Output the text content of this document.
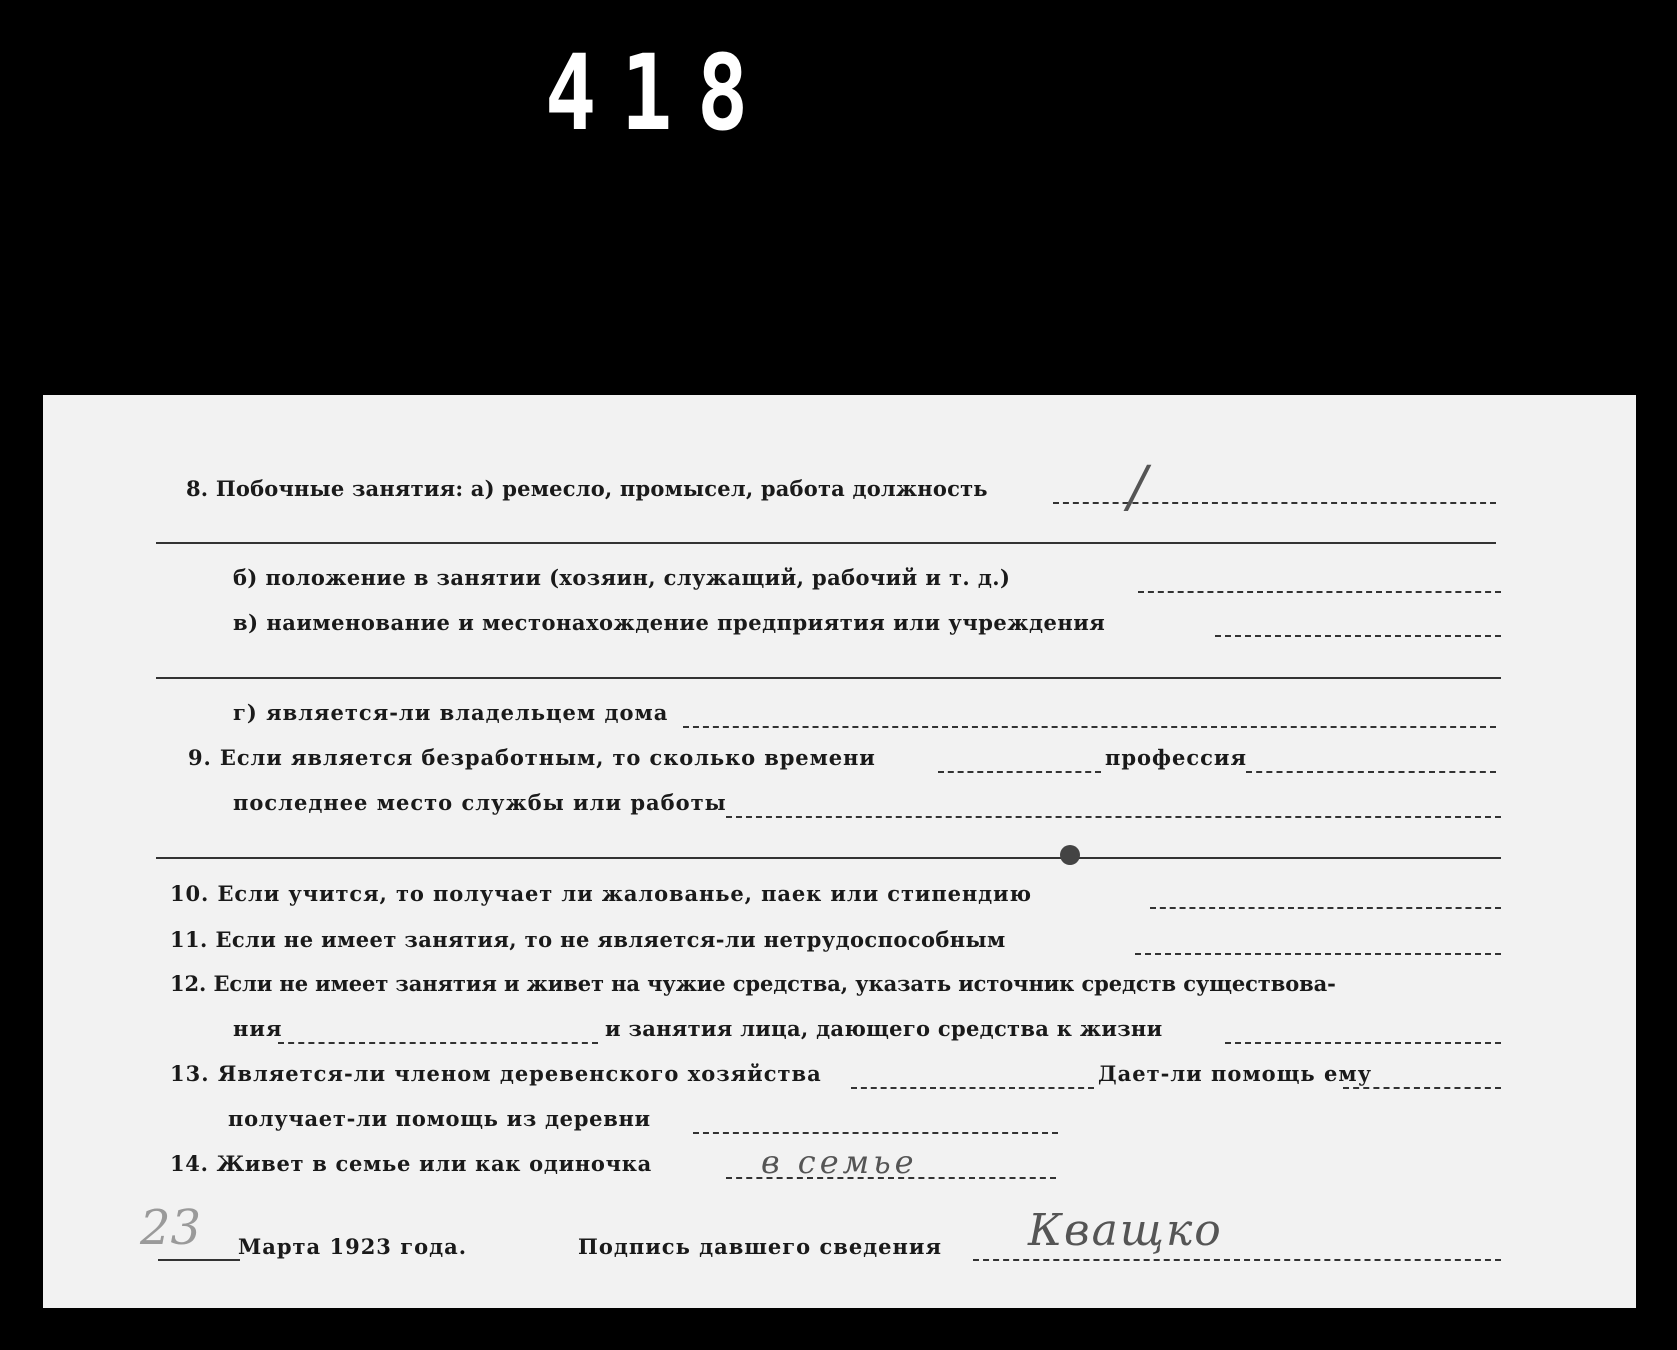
418
8. Побочные занятия: а) ремесло, промысел, работа должность	/
б) положение в занятии (хозяин, служащий, рабочий и т. д.)
в) наименование и местонахождение предприятия или учреждения
г) является-ли владельцем дома
9. Если является безработным, то сколько времени	профессия
последнее место службы или работы
10. Если учится, то получает ли жалованье, паек или стипендию
11. Если не имеет занятия, то не является-ли нетрудоспособным
12. Если не имеет занятия и живет на чужие средства, указать источник средств существова-
ния	и занятия лица, дающего средства к жизни
13. Является-ли членом деревенского хозяйства	Дает-ли помощь ему
получает-ли помощь из деревни
14. Живет в семье или как одиночка	в семье
23 Марта 1923 года.	Подпись давшего сведения Кващко
